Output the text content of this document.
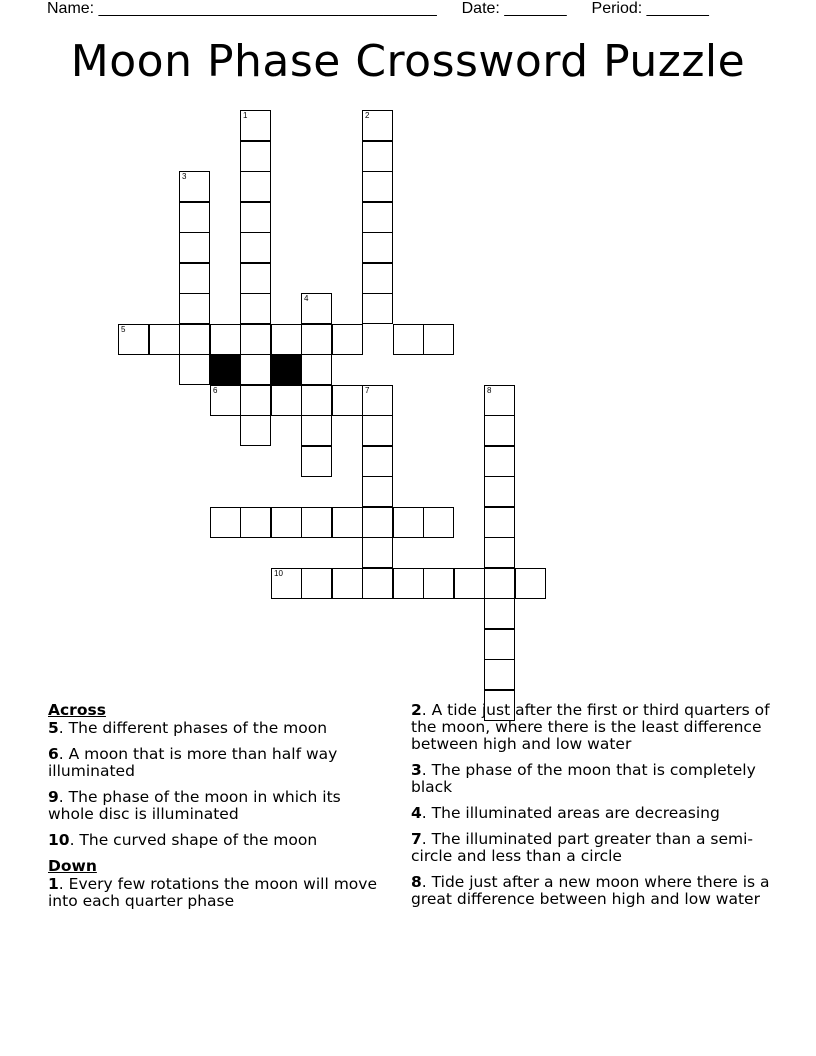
Name: ______________________________________ Date: _______ Period: _______
Moon Phase Crossword Puzzle
1	2
3
4
5
6	7	8
10
Across
5. The different phases of the moon
6. A moon that is more than half way illuminated
9. The phase of the moon in which its whole disc is illuminated
10. The curved shape of the moon
Down
1. Every few rotations the moon will move into each quarter phase
2. A tide just after the first or third quarters of the moon, where there is the least difference between high and low water
3. The phase of the moon that is completely black
4. The illuminated areas are decreasing
7. The illuminated part greater than a semi-circle and less than a circle
8. Tide just after a new moon where there is a great difference between high and low water
